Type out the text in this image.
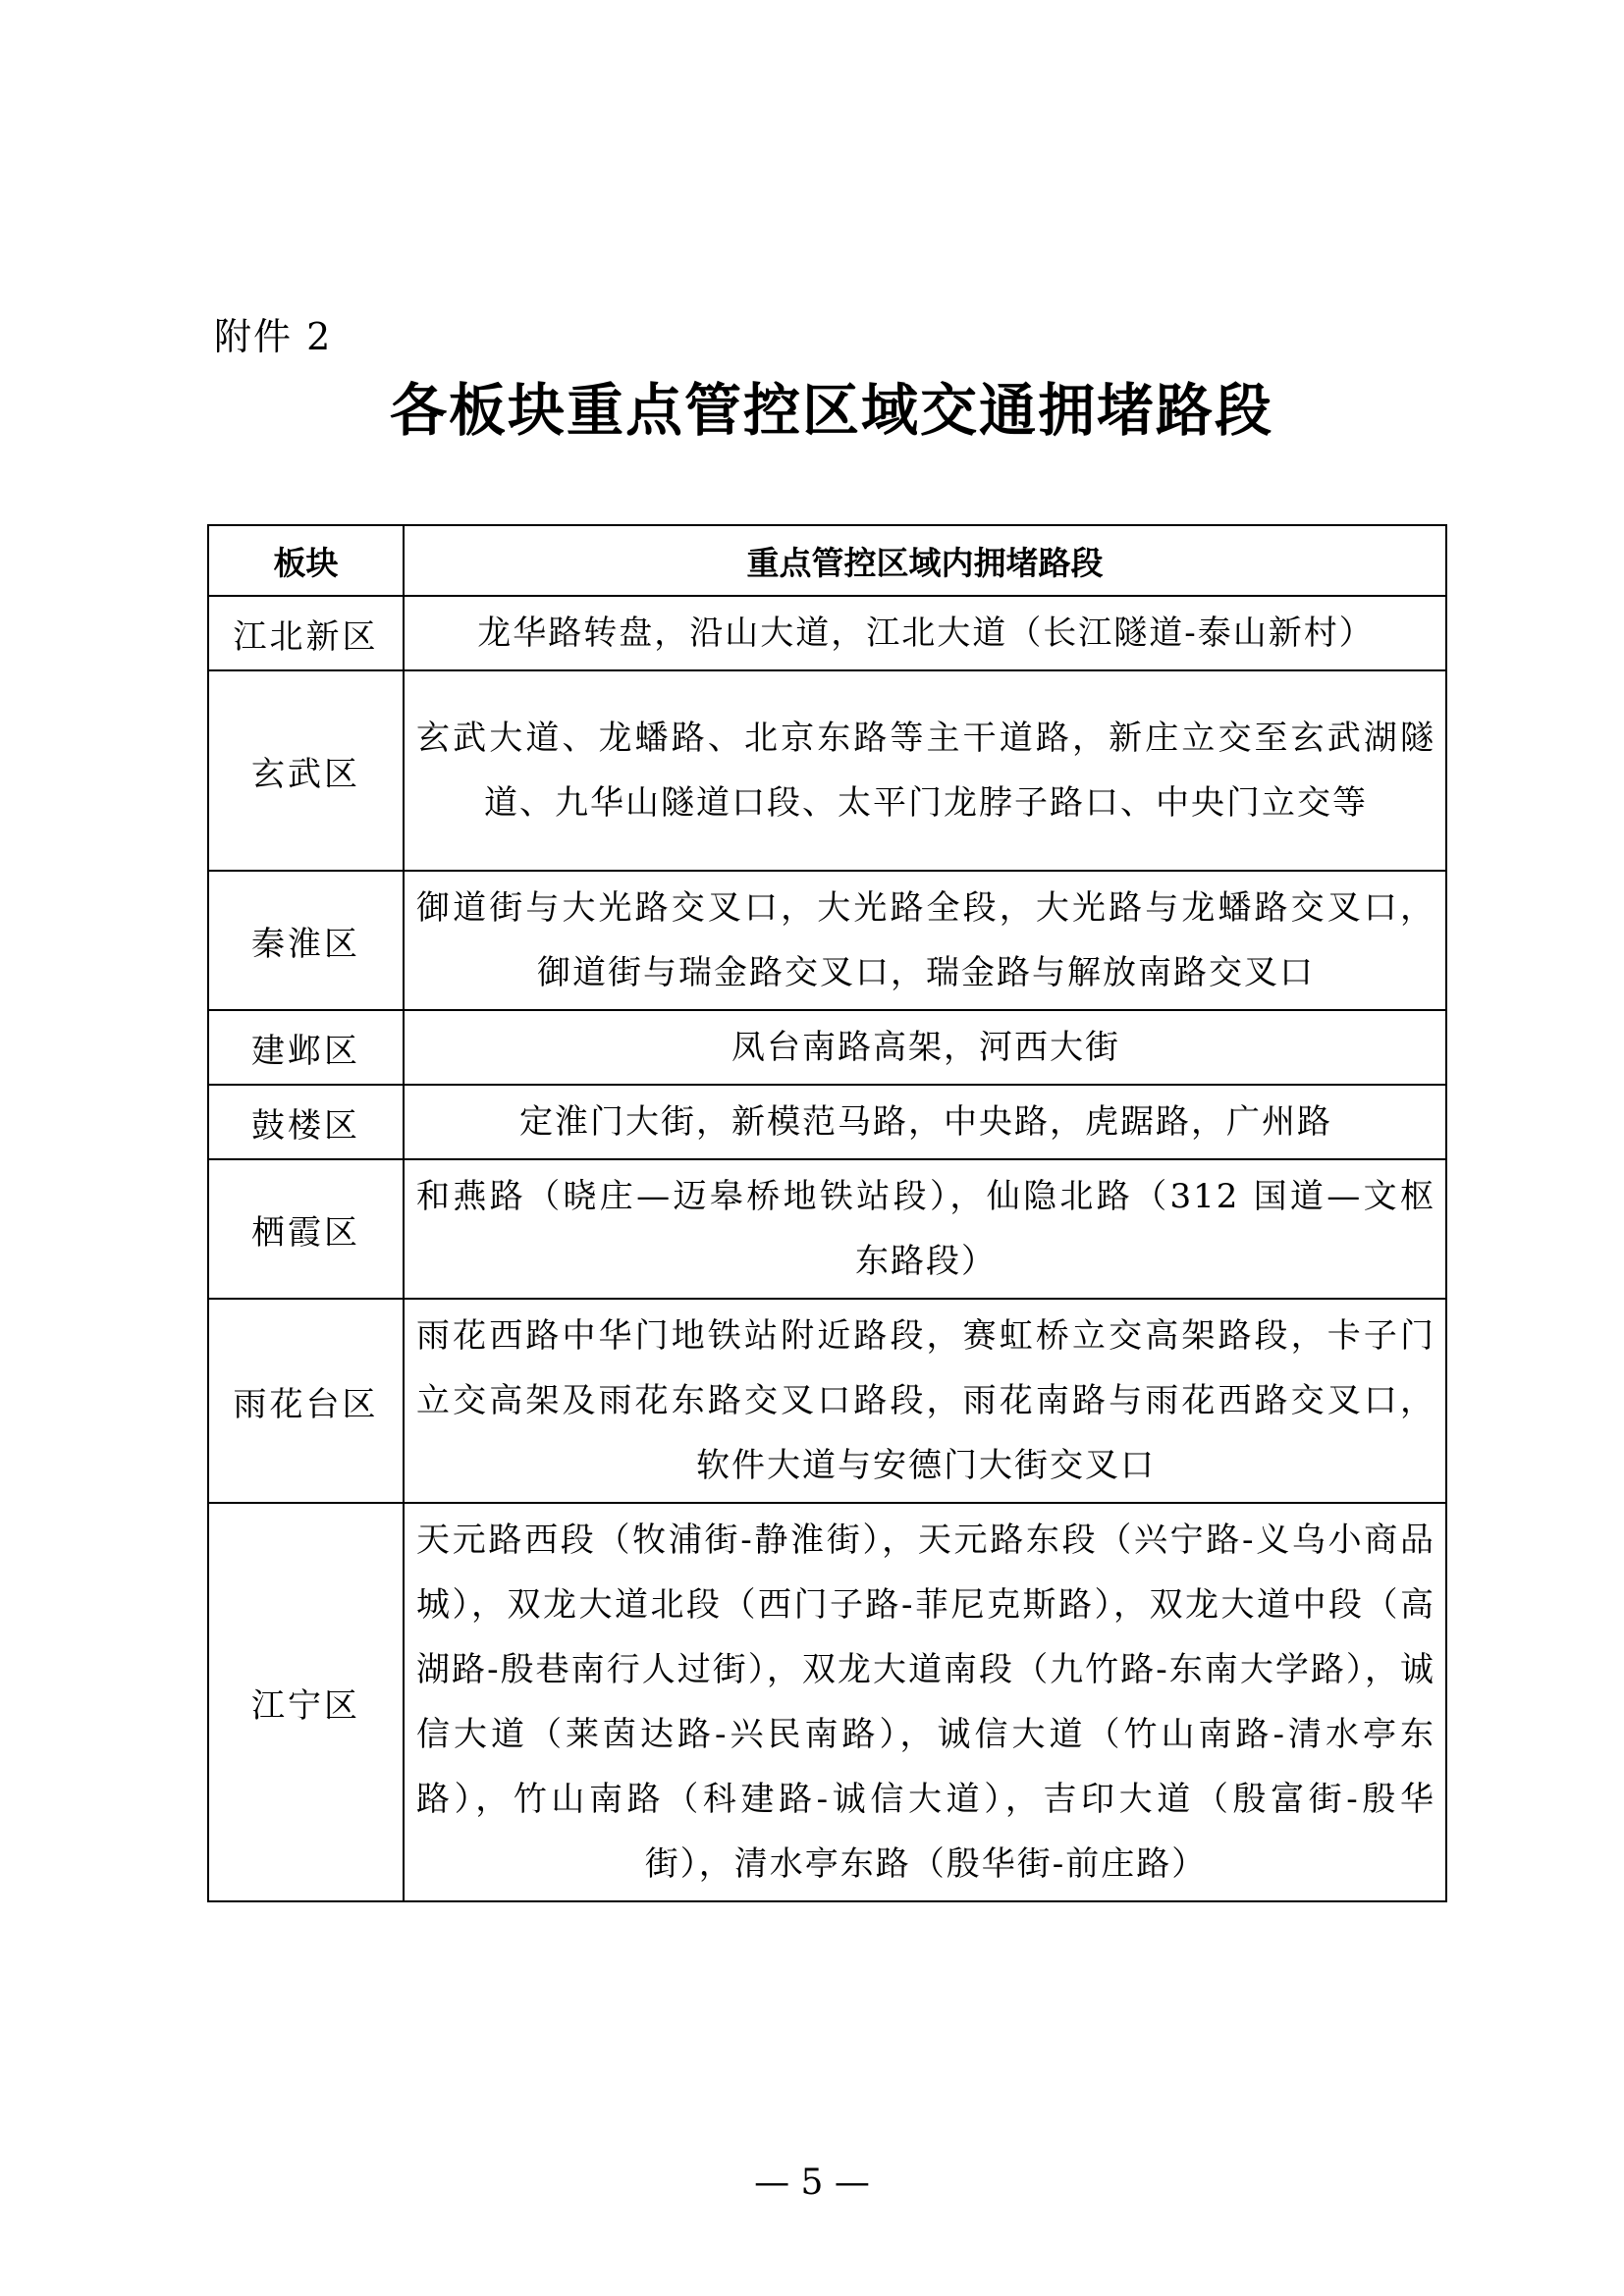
附件 2
各板块重点管控区域交通拥堵路段
板块	重点管控区域内拥堵路段
江北新区	龙华路转盘，沿山大道，江北大道（长江隧道-泰山新村）
玄武区	玄武大道、龙蟠路、北京东路等主干道路，新庄立交至玄武湖隧道、九华山隧道口段、太平门龙脖子路口、中央门立交等
秦淮区	御道街与大光路交叉口，大光路全段，大光路与龙蟠路交叉口，御道街与瑞金路交叉口，瑞金路与解放南路交叉口
建邺区	凤台南路高架，河西大街
鼓楼区	定淮门大街，新模范马路，中央路，虎踞路，广州路
栖霞区	和燕路（晓庄—迈皋桥地铁站段），仙隐北路（312 国道—文枢东路段）
雨花台区	雨花西路中华门地铁站附近路段，赛虹桥立交高架路段，卡子门立交高架及雨花东路交叉口路段，雨花南路与雨花西路交叉口，软件大道与安德门大街交叉口
江宁区	天元路西段（牧浦街-静淮街），天元路东段（兴宁路-义乌小商品城），双龙大道北段（西门子路-菲尼克斯路），双龙大道中段（高湖路-殷巷南行人过街），双龙大道南段（九竹路-东南大学路），诚信大道（莱茵达路-兴民南路），诚信大道（竹山南路-清水亭东路），竹山南路（科建路-诚信大道），吉印大道（殷富街-殷华街），清水亭东路（殷华街-前庄路）
— 5 —
